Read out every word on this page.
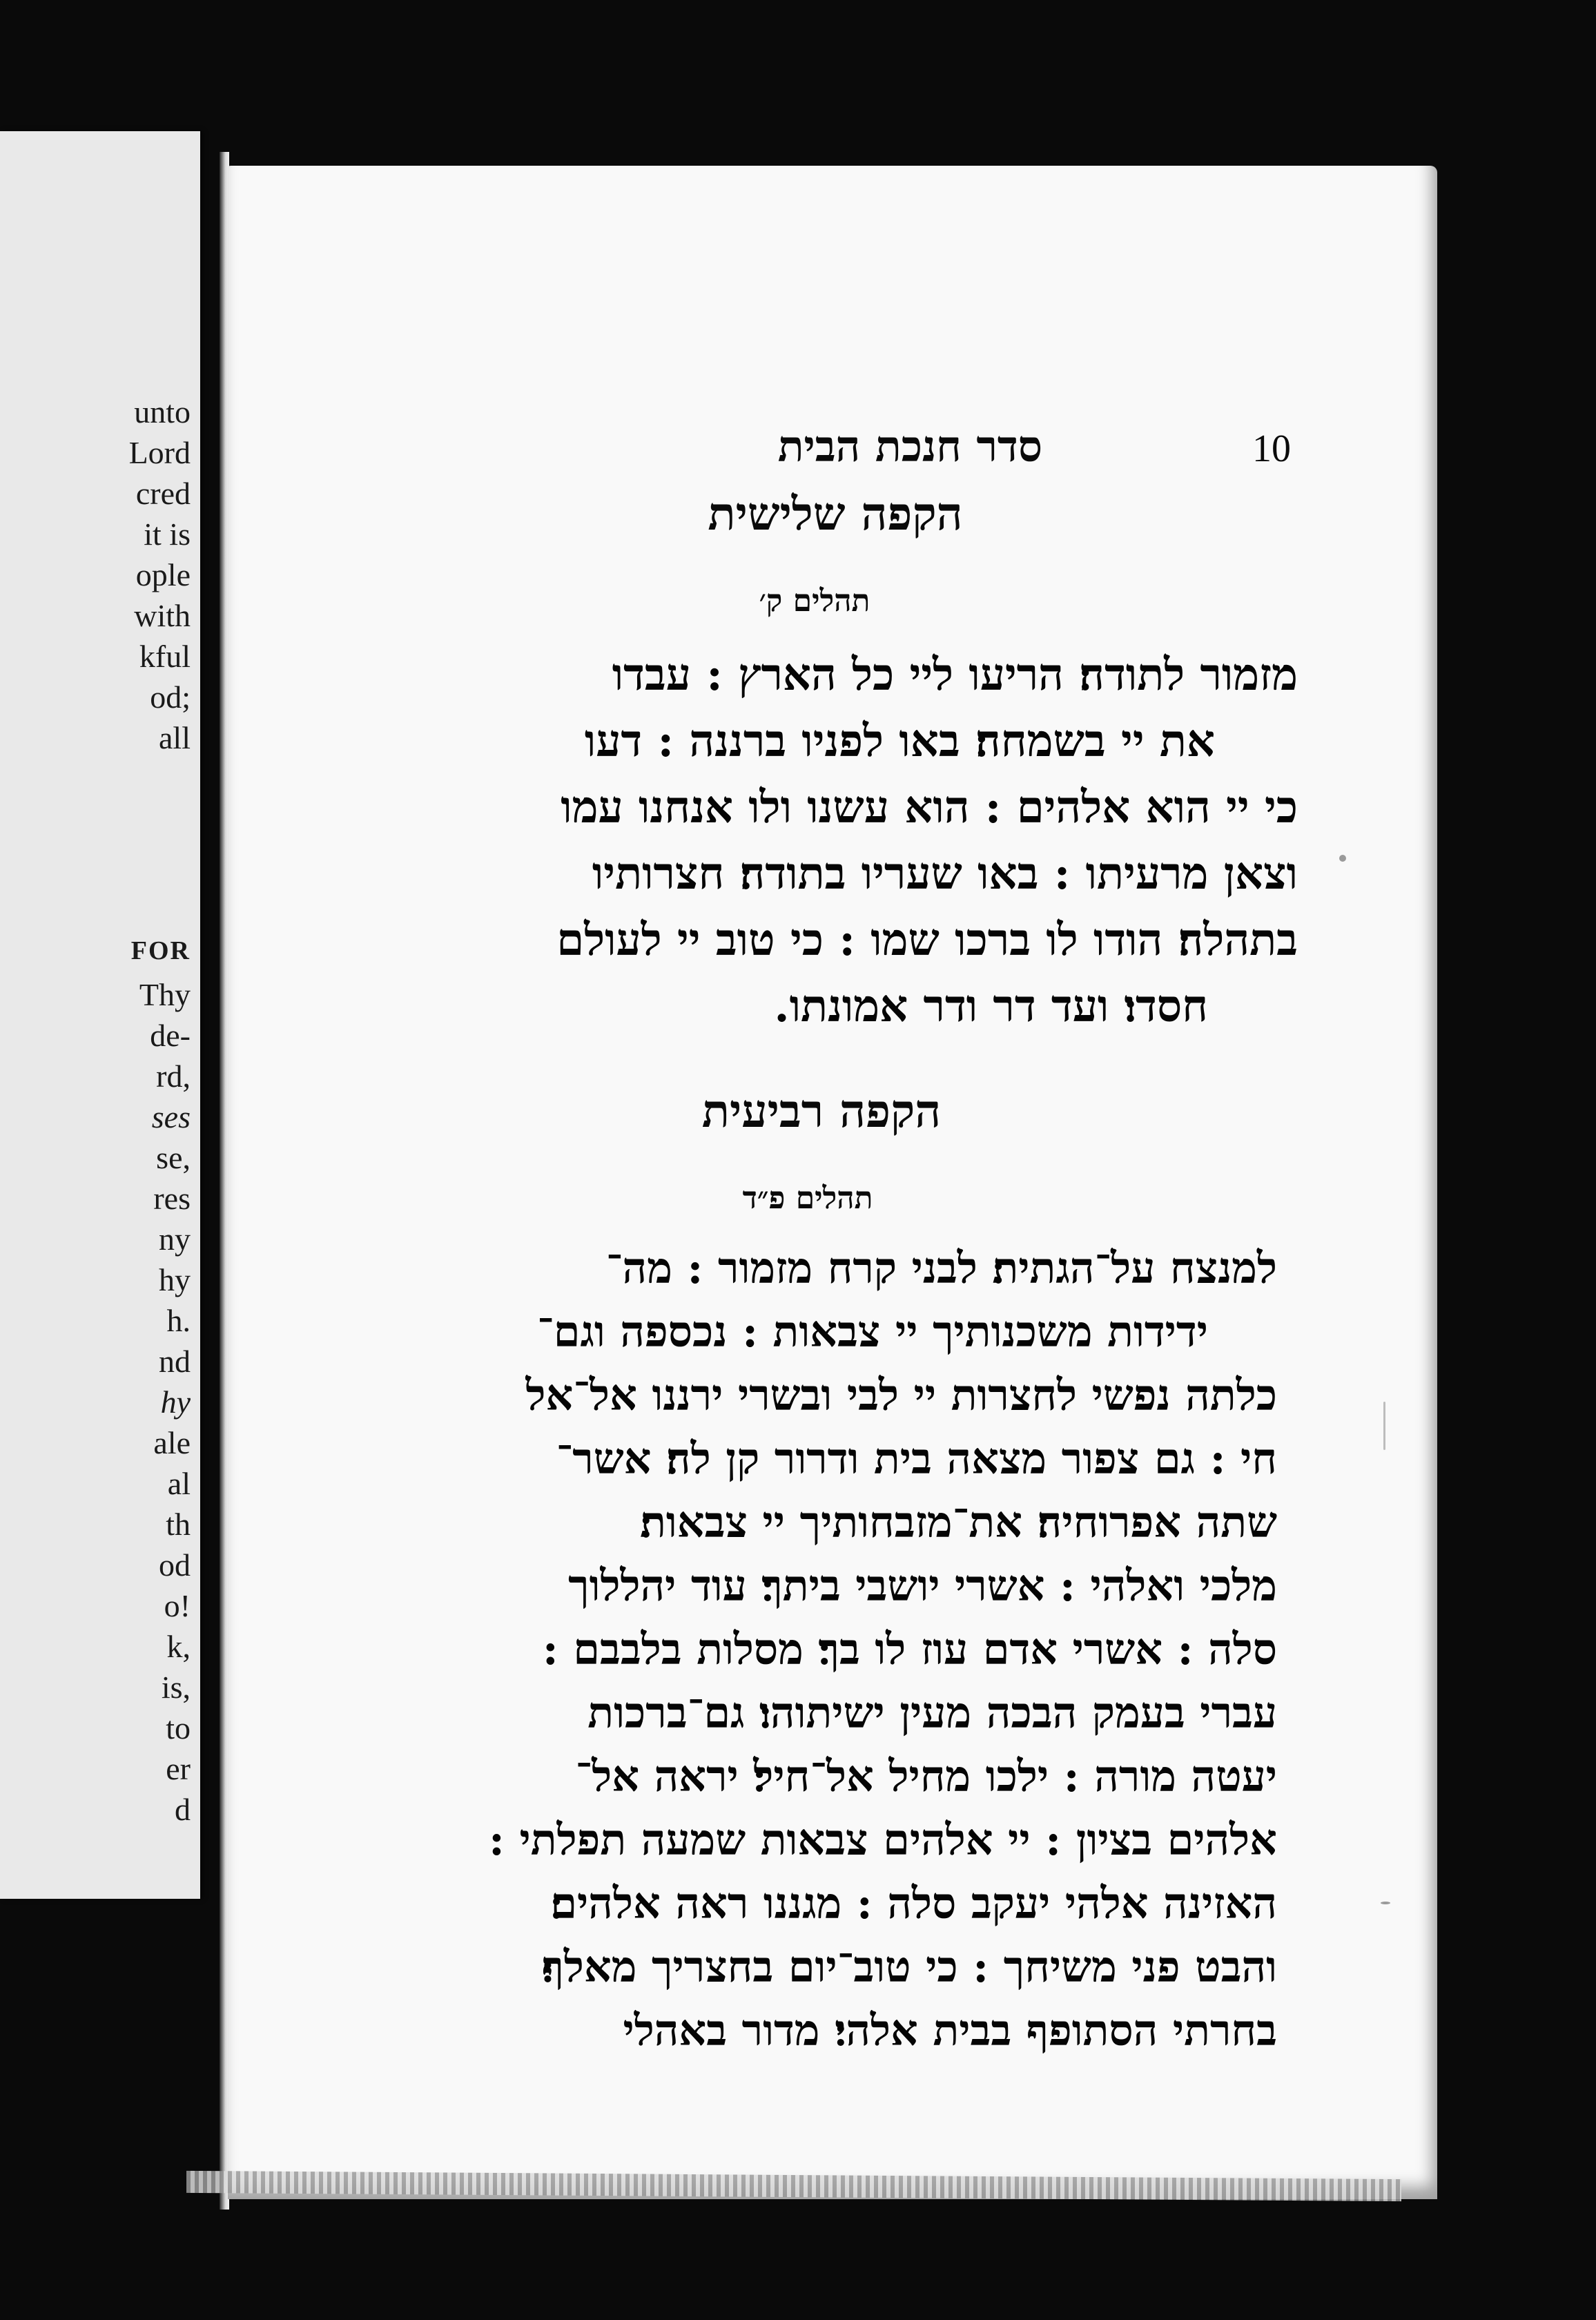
unto
Lord
cred
it is
ople
with
kful
od;
all
FOR
Thy
de-
rd,
ses
se,
res
ny
hy
h.
nd
hy
ale
al
th
od
o!
k,
is,
to
er
d
סדר חנכת הבית	10
הקפה שלישית
תהלים ק׳
מזמור לתודה׃ הריעו ליי כל הארץ : עבדו
את יי בשמחה׃ באו לפניו ברננה : דעו
כי יי הוא אלהים : הוא עשנו ולו אנחנו עמו
וצאן מרעיתו : באו שעריו בתודה׃ חצרותיו
בתהלה׃ הודו לו ברכו שמו : כי טוב יי לעולם
חסדו׃ ועד דר ודר אמונתו.
הקפה רביעית
תהלים פ״ד
למנצח על־הגתית׃ לבני קרח מזמור : מה־
ידידות משכנותיך יי צבאות : נכספה וגם־
כלתה נפשי לחצרות יי לבי ובשרי ירננו אל־אל
חי : גם צפור מצאה בית ודרור קן לה׃ אשר־
שתה אפרוחיה׃ את־מזבחותיך יי צבאות׃
מלכי ואלהי : אשרי יושבי ביתך׃ עוד יהללוך
סלה : אשרי אדם עוז לו בך׃ מסלות בלבבם :
עברי בעמק הבכה מעין ישיתוהו׃ גם־ברכות
יעטה מורה : ילכו מחיל אל־חיל׃ יראה אל־
אלהים בציון : יי אלהים צבאות שמעה תפלתי :
האזינה אלהי יעקב סלה : מגננו ראה אלהים׃
והבט פני משיחך : כי טוב־יום בחצריך מאלף׃
בחרתי הסתופף בבית אלהי׃ מדור באהלי
